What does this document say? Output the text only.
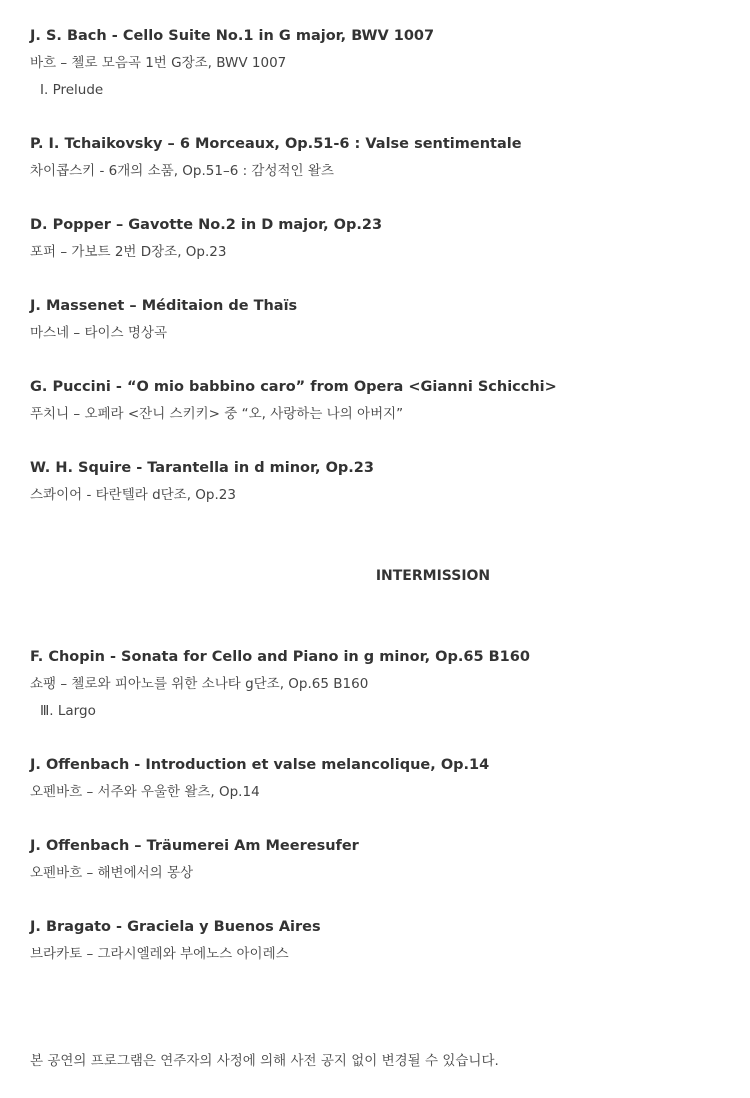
J. S. Bach - Cello Suite No.1 in G major, BWV 1007
바흐 – 첼로 모음곡 1번 G장조, BWV 1007
Ⅰ. Prelude
P. I. Tchaikovsky – 6 Morceaux, Op.51-6 : Valse sentimentale
차이콥스키 - 6개의 소품, Op.51–6 : 감성적인 왈츠
D. Popper – Gavotte No.2 in D major, Op.23
포퍼 – 가보트 2번 D장조, Op.23
J. Massenet – Méditaion de Thaïs
마스네 – 타이스 명상곡
G. Puccini - “O mio babbino caro” from Opera <Gianni Schicchi>
푸치니 – 오페라 <잔니 스키키> 중 “오, 사랑하는 나의 아버지”
W. H. Squire - Tarantella in d minor, Op.23
스콰이어 - 타란텔라 d단조, Op.23
INTERMISSION
F. Chopin - Sonata for Cello and Piano in g minor, Op.65 B160
쇼팽 – 첼로와 피아노를 위한 소나타 g단조, Op.65 B160
Ⅲ. Largo
J. Offenbach - Introduction et valse melancolique, Op.14
오펜바흐 – 서주와 우울한 왈츠, Op.14
J. Offenbach – Träumerei Am Meeresufer
오펜바흐 – 해변에서의 몽상
J. Bragato - Graciela y Buenos Aires
브라카토 – 그라시엘레와 부에노스 아이레스
본 공연의 프로그램은 연주자의 사정에 의해 사전 공지 없이 변경될 수 있습니다.
